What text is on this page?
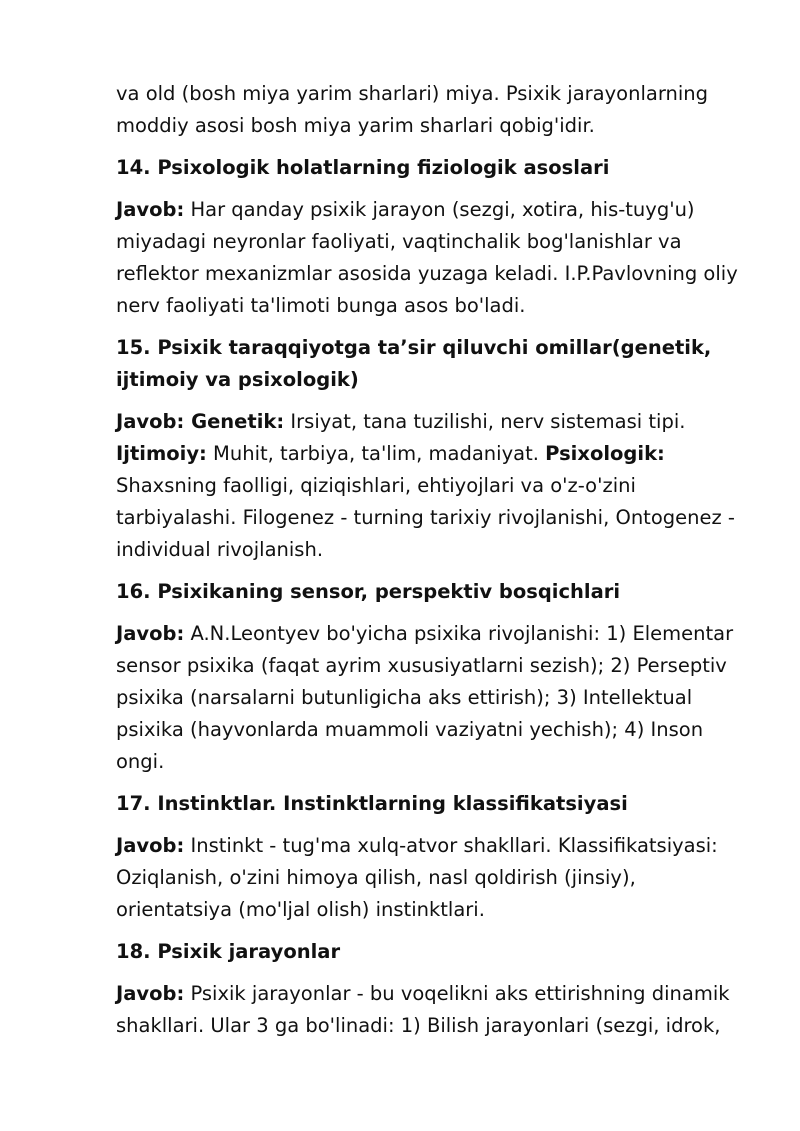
va old (bosh miya yarim sharlari) miya. Psixik jarayonlarning moddiy asosi bosh miya yarim sharlari qobig'idir.

14. Psixologik holatlarning fiziologik asoslari

Javob: Har qanday psixik jarayon (sezgi, xotira, his-tuyg'u) miyadagi neyronlar faoliyati, vaqtinchalik bog'lanishlar va reflektor mexanizmlar asosida yuzaga keladi. I.P.Pavlovning oliy nerv faoliyati ta'limoti bunga asos bo'ladi.

15. Psixik taraqqiyotga ta’sir qiluvchi omillar(genetik, ijtimoiy va psixologik)

Javob: Genetik: Irsiyat, tana tuzilishi, nerv sistemasi tipi. Ijtimoiy: Muhit, tarbiya, ta'lim, madaniyat. Psixologik: Shaxsning faolligi, qiziqishlari, ehtiyojlari va o'z-o'zini tarbiyalashi. Filogenez - turning tarixiy rivojlanishi, Ontogenez - individual rivojlanish.

16. Psixikaning sensor, perspektiv bosqichlari

Javob: A.N.Leontyev bo'yicha psixika rivojlanishi: 1) Elementar sensor psixika (faqat ayrim xususiyatlarni sezish); 2) Perseptiv psixika (narsalarni butunligicha aks ettirish); 3) Intellektual psixika (hayvonlarda muammoli vaziyatni yechish); 4) Inson ongi.

17. Instinktlar. Instinktlarning klassifikatsiyasi

Javob: Instinkt - tug'ma xulq-atvor shakllari. Klassifikatsiyasi: Oziqlanish, o'zini himoya qilish, nasl qoldirish (jinsiy), orientatsiya (mo'ljal olish) instinktlari.

18. Psixik jarayonlar

Javob: Psixik jarayonlar - bu voqelikni aks ettirishning dinamik shakllari. Ular 3 ga bo'linadi: 1) Bilish jarayonlari (sezgi, idrok,
